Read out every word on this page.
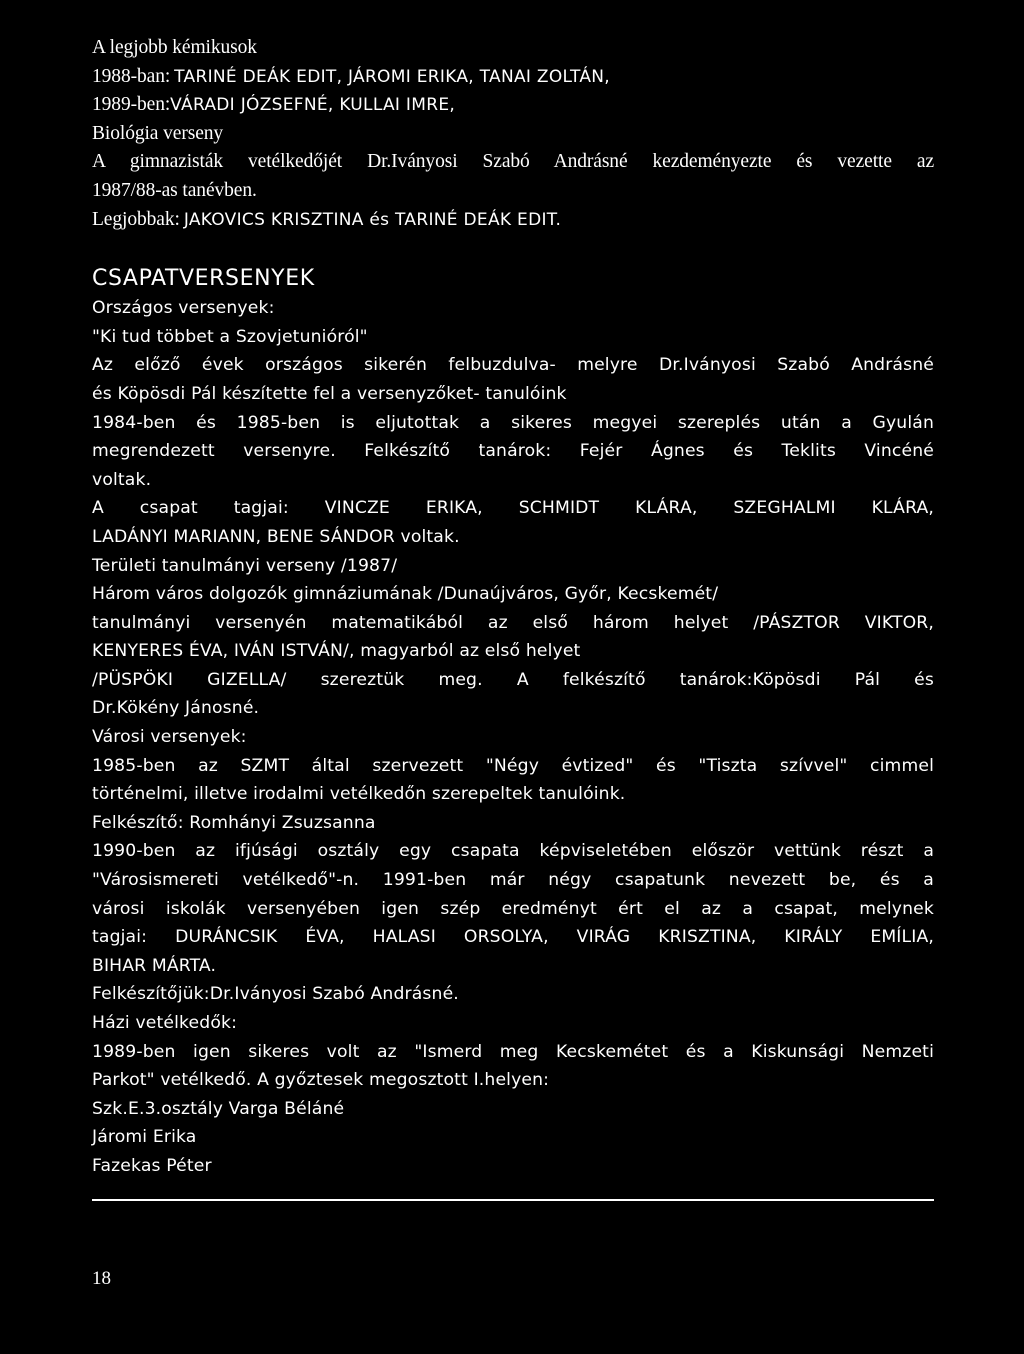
A legjobb kémikusok
1988-ban: TARINÉ DEÁK EDIT, JÁROMI ERIKA, TANAI ZOLTÁN,
1989-ben:VÁRADI JÓZSEFNÉ, KULLAI IMRE,
Biológia verseny
A gimnazisták vetélkedőjét Dr.Iványosi Szabó Andrásné kezdeményezte és vezette az
1987/88-as tanévben.
Legjobbak: JAKOVICS KRISZTINA és TARINÉ DEÁK EDIT.
CSAPATVERSENYEK
Országos versenyek:
"Ki tud többet a Szovjetunióról"
Az előző évek országos sikerén felbuzdulva- melyre Dr.Iványosi Szabó Andrásné
és Köpösdi Pál készítette fel a versenyzőket- tanulóink
1984-ben és 1985-ben is eljutottak a sikeres megyei szereplés után a Gyulán
megrendezett versenyre. Felkészítő tanárok: Fejér Ágnes és Teklits Vincéné
voltak.
A csapat tagjai: VINCZE ERIKA, SCHMIDT KLÁRA, SZEGHALMI KLÁRA,
LADÁNYI MARIANN, BENE SÁNDOR voltak.
Területi tanulmányi verseny /1987/
Három város dolgozók gimnáziumának /Dunaújváros, Győr, Kecskemét/
tanulmányi versenyén matematikából az első három helyet /PÁSZTOR VIKTOR,
KENYERES ÉVA, IVÁN ISTVÁN/, magyarból az első helyet
/PÜSPÖKI GIZELLA/ szereztük meg. A felkészítő tanárok:Köpösdi Pál és
Dr.Kökény Jánosné.
Városi versenyek:
1985-ben az SZMT által szervezett "Négy évtized" és "Tiszta szívvel" cimmel
történelmi, illetve irodalmi vetélkedőn szerepeltek tanulóink.
Felkészítő: Romhányi Zsuzsanna
1990-ben az ifjúsági osztály egy csapata képviseletében először vettünk részt a
"Városismereti vetélkedő"-n. 1991-ben már négy csapatunk nevezett be, és a
városi iskolák versenyében igen szép eredményt ért el az a csapat, melynek
tagjai: DURÁNCSIK ÉVA, HALASI ORSOLYA, VIRÁG KRISZTINA, KIRÁLY EMÍLIA,
BIHAR MÁRTA.
Felkészítőjük:Dr.Iványosi Szabó Andrásné.
Házi vetélkedők:
1989-ben igen sikeres volt az "Ismerd meg Kecskemétet és a Kiskunsági Nemzeti
Parkot" vetélkedő. A győztesek megosztott I.helyen:
Szk.E.3.osztály Varga Béláné
Járomi Erika
Fazekas Péter
18
